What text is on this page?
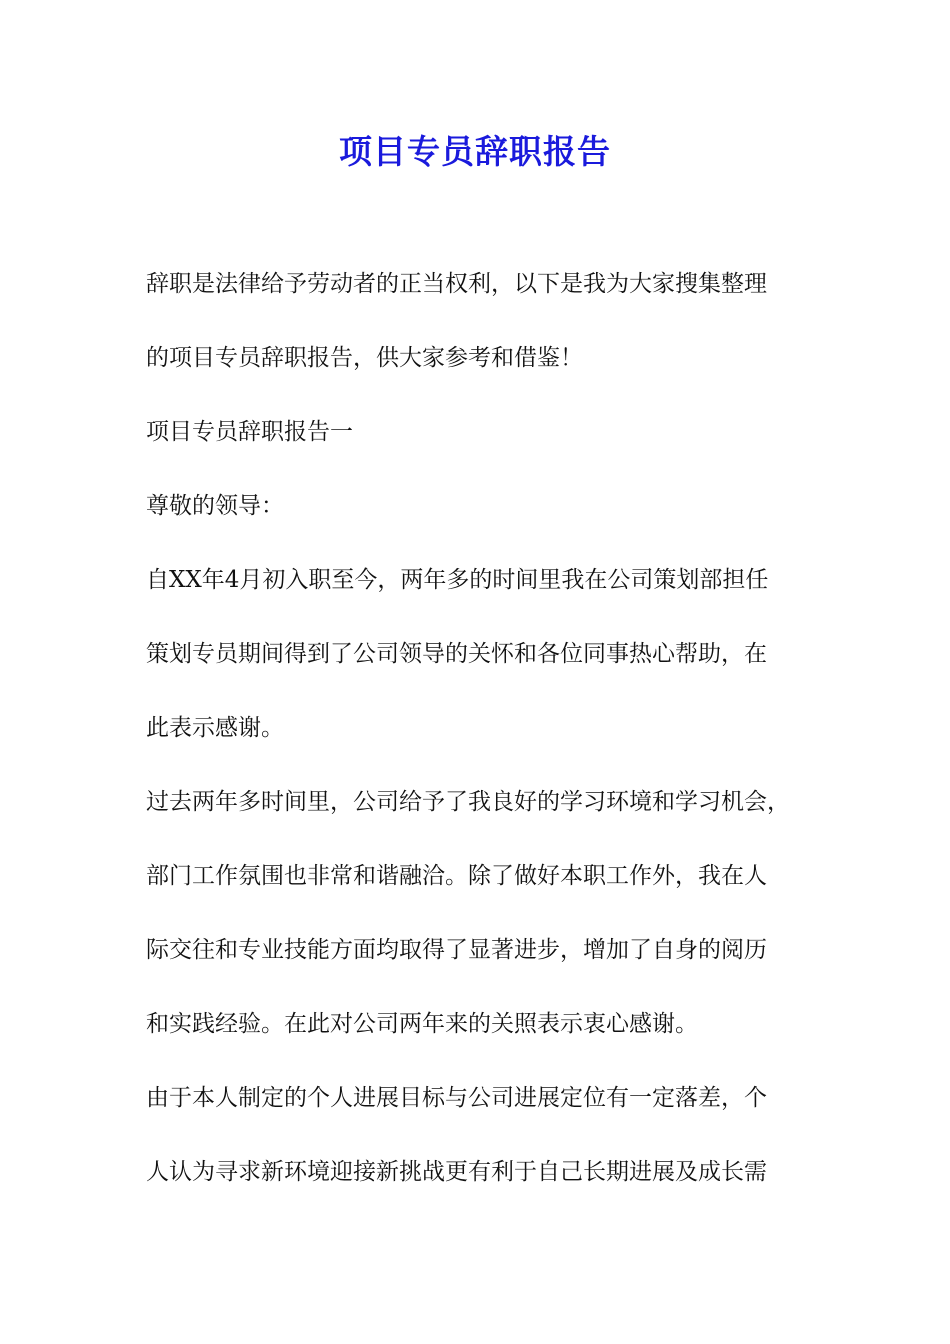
项目专员辞职报告
辞职是法律给予劳动者的正当权利，以下是我为大家搜集整理
的项目专员辞职报告，供大家参考和借鉴！
项目专员辞职报告一
尊敬的领导：
自XX年4月初入职至今，两年多的时间里我在公司策划部担任
策划专员期间得到了公司领导的关怀和各位同事热心帮助，在
此表示感谢。
过去两年多时间里，公司给予了我良好的学习环境和学习机会，
部门工作氛围也非常和谐融洽。除了做好本职工作外，我在人
际交往和专业技能方面均取得了显著进步，增加了自身的阅历
和实践经验。在此对公司两年来的关照表示衷心感谢。
由于本人制定的个人进展目标与公司进展定位有一定落差，个
人认为寻求新环境迎接新挑战更有利于自己长期进展及成长需
